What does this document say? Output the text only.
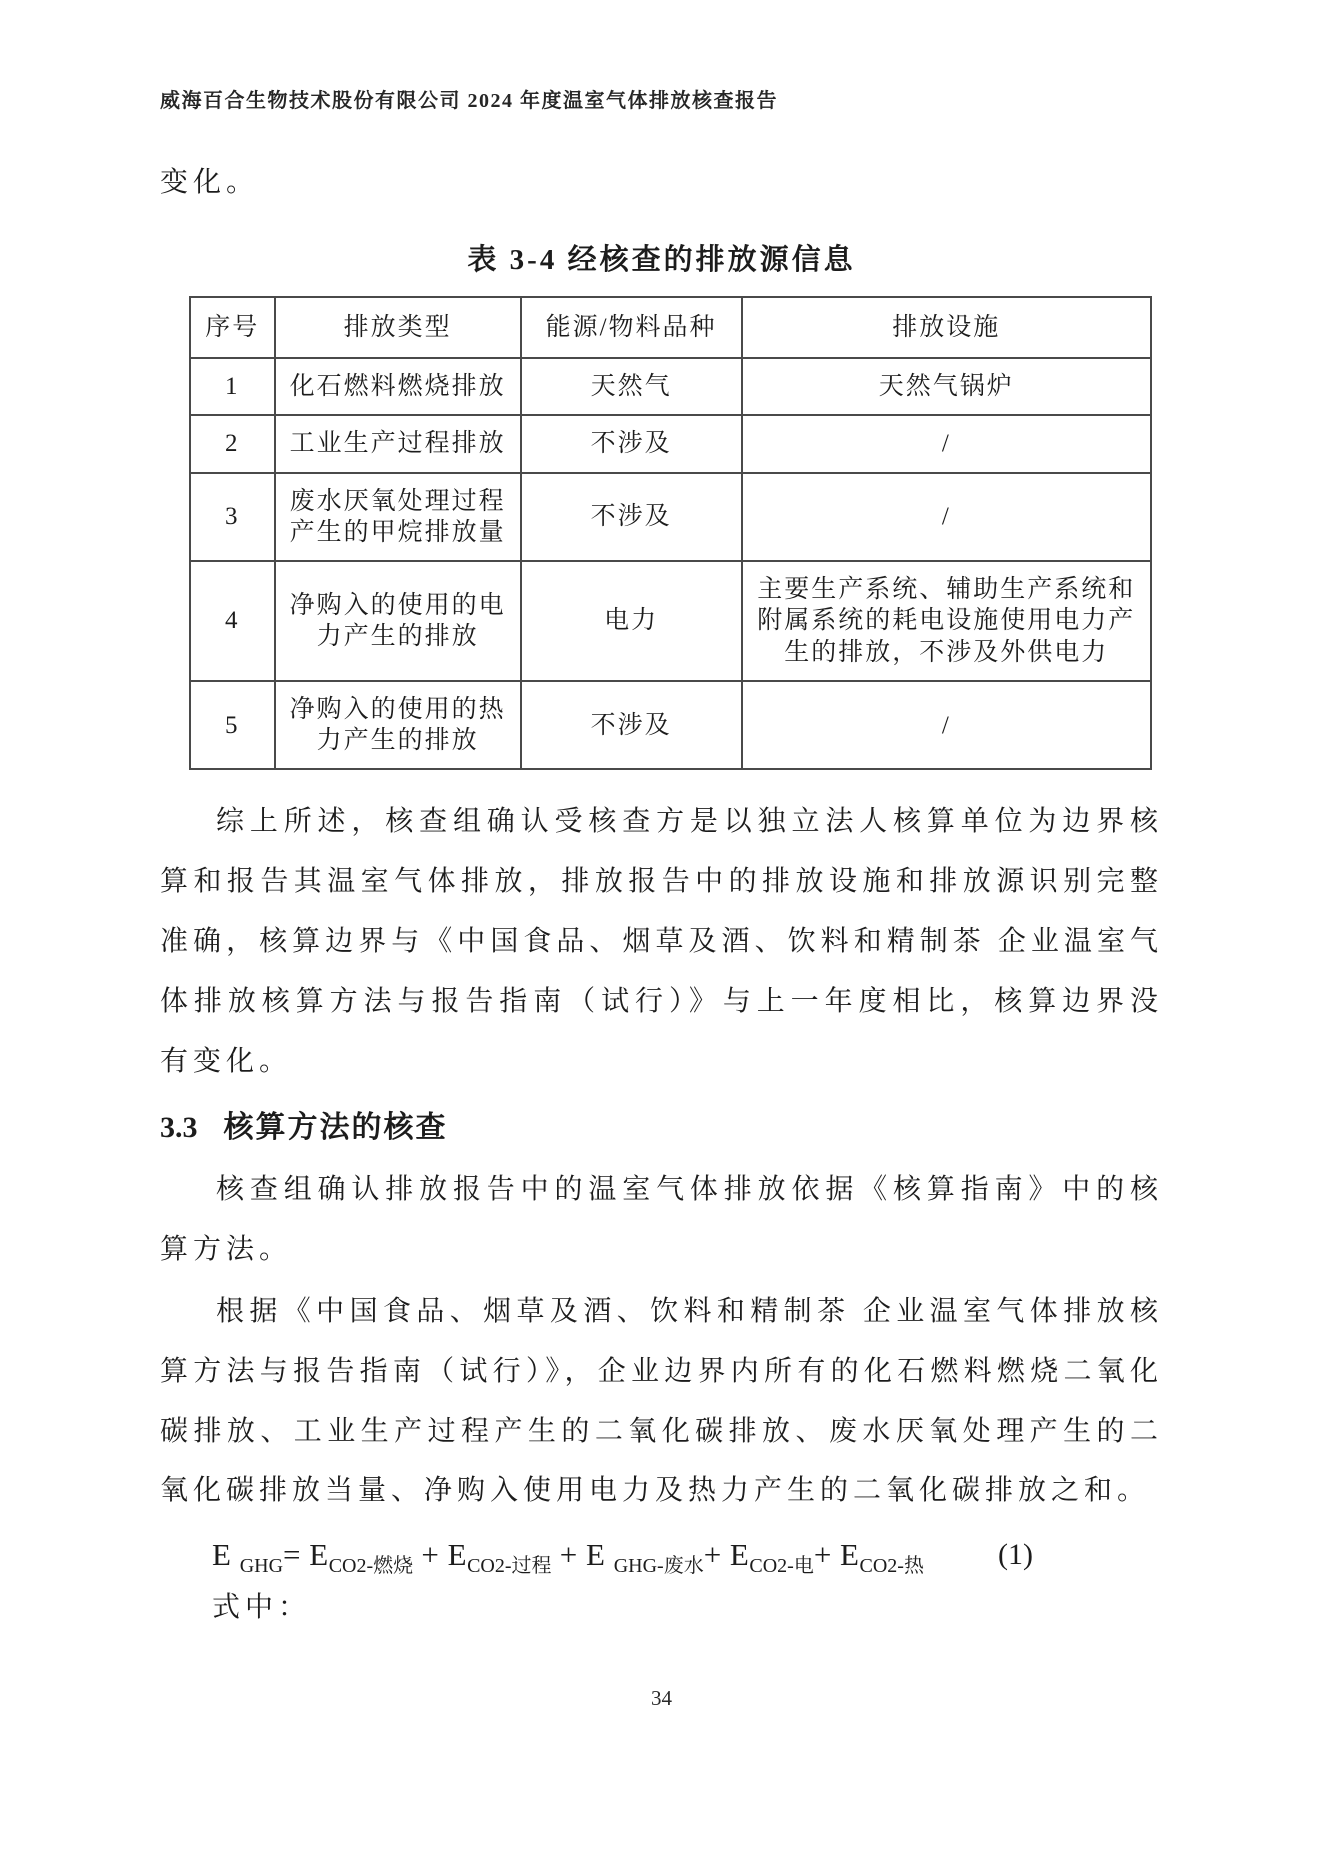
威海百合生物技术股份有限公司 2024 年度温室气体排放核查报告

变化。

表 3-4 经核查的排放源信息
序号	排放类型	能源/物料品种	排放设施
1	化石燃料燃烧排放	天然气	天然气锅炉
2	工业生产过程排放	不涉及	/
3	废水厌氧处理过程产生的甲烷排放量	不涉及	/
4	净购入的使用的电力产生的排放	电力	主要生产系统、辅助生产系统和附属系统的耗电设施使用电力产生的排放，不涉及外供电力
5	净购入的使用的热力产生的排放	不涉及	/

综上所述，核查组确认受核查方是以独立法人核算单位为边界核算和报告其温室气体排放，排放报告中的排放设施和排放源识别完整准确，核算边界与《中国食品、烟草及酒、饮料和精制茶 企业温室气体排放核算方法与报告指南（试行）》与上一年度相比，核算边界没有变化。

3.3 核算方法的核查

核查组确认排放报告中的温室气体排放依据《核算指南》中的核算方法。

根据《中国食品、烟草及酒、饮料和精制茶 企业温室气体排放核算方法与报告指南（试行）》，企业边界内所有的化石燃料燃烧二氧化碳排放、工业生产过程产生的二氧化碳排放、废水厌氧处理产生的二氧化碳排放当量、净购入使用电力及热力产生的二氧化碳排放之和。

E $_{GHG}= E_{CO2-燃烧} + E_{CO2-过程} + E$ $_{GHG-废水}+ E_{CO2-电}+ E_{CO2-热}$ (1)

式中：

34
